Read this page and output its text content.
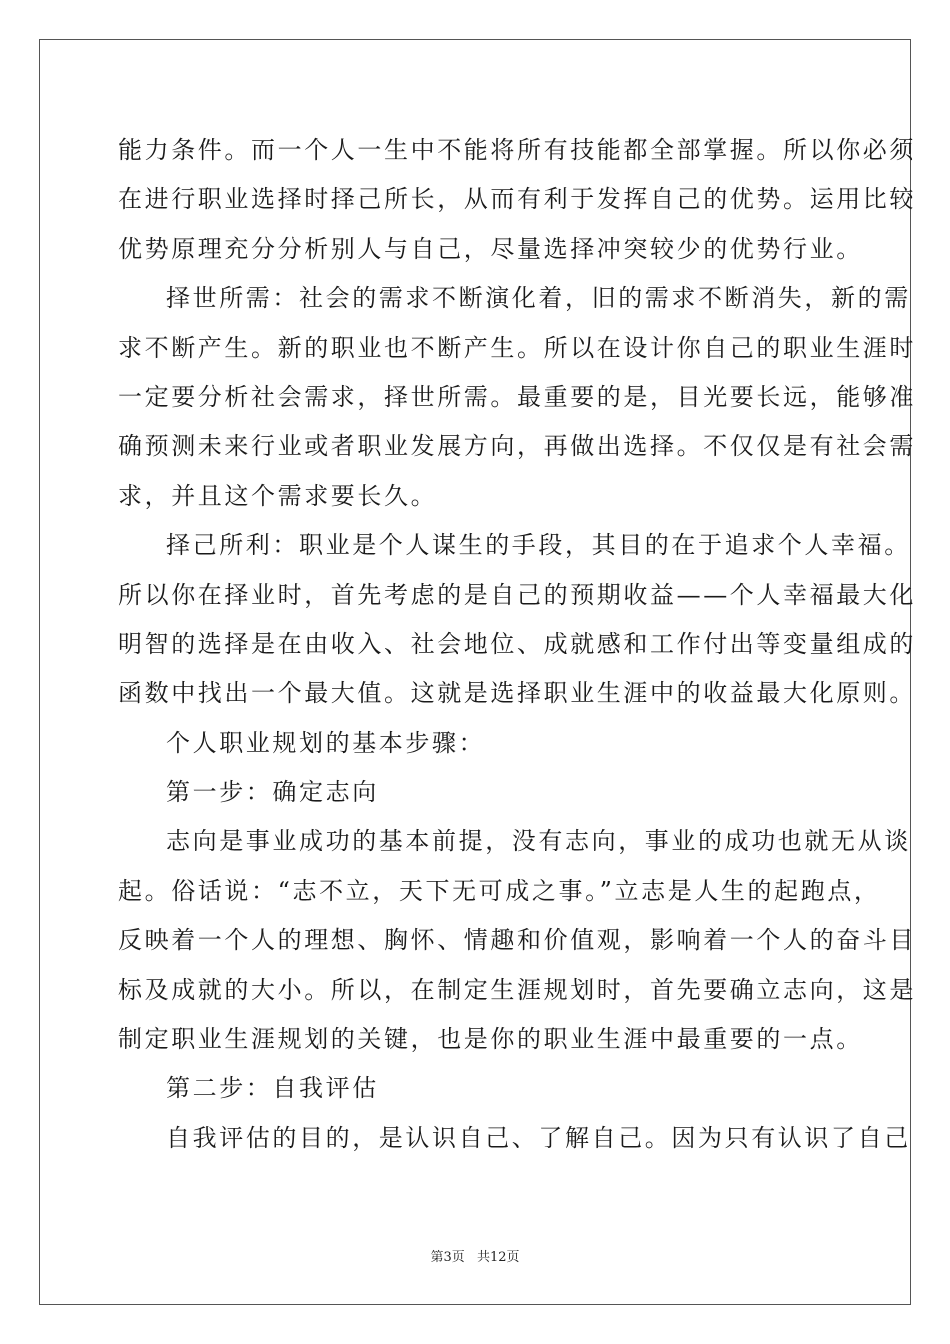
能力条件。而一个人一生中不能将所有技能都全部掌握。所以你必须
在进行职业选择时择己所长，从而有利于发挥自己的优势。运用比较
优势原理充分分析别人与自己，尽量选择冲突较少的优势行业。
择世所需：社会的需求不断演化着，旧的需求不断消失，新的需
求不断产生。新的职业也不断产生。所以在设计你自己的职业生涯时
一定要分析社会需求，择世所需。最重要的是，目光要长远，能够准
确预测未来行业或者职业发展方向，再做出选择。不仅仅是有社会需
求，并且这个需求要长久。
择己所利：职业是个人谋生的手段，其目的在于追求个人幸福。
所以你在择业时，首先考虑的是自己的预期收益——个人幸福最大化
明智的选择是在由收入、社会地位、成就感和工作付出等变量组成的
函数中找出一个最大值。这就是选择职业生涯中的收益最大化原则。
个人职业规划的基本步骤：
第一步：确定志向
志向是事业成功的基本前提，没有志向，事业的成功也就无从谈
起。俗话说：“志不立，天下无可成之事。”立志是人生的起跑点，
反映着一个人的理想、胸怀、情趣和价值观，影响着一个人的奋斗目
标及成就的大小。所以，在制定生涯规划时，首先要确立志向，这是
制定职业生涯规划的关键，也是你的职业生涯中最重要的一点。
第二步：自我评估
自我评估的目的，是认识自己、了解自己。因为只有认识了自己
第3页 共12页
